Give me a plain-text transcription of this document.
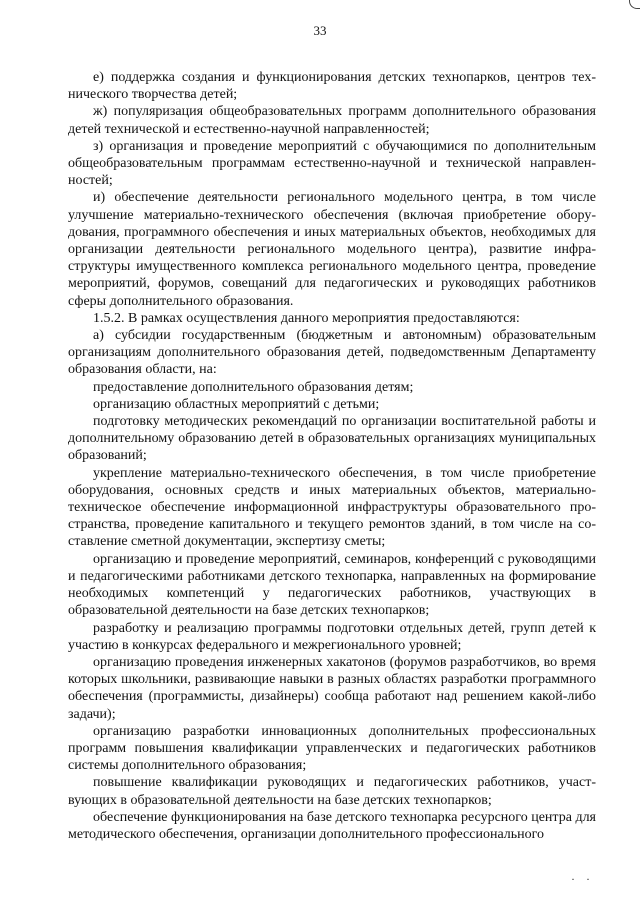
33

е) поддержка создания и функционирования детских технопарков, центров технического творчества детей;

ж) популяризация общеобразовательных программ дополнительного образования детей технической и естественно-научной направленностей;

з) организация и проведение мероприятий с обучающимися по дополнительным общеобразовательным программам естественно-научной и технической направленностей;

и) обеспечение деятельности регионального модельного центра, в том числе улучшение материально-технического обеспечения (включая приобретение оборудования, программного обеспечения и иных материальных объектов, необходимых для организации деятельности регионального модельного центра), развитие инфраструктуры имущественного комплекса регионального модельного центра, проведение мероприятий, форумов, совещаний для педагогических и руководящих работников сферы дополнительного образования.

1.5.2. В рамках осуществления данного мероприятия предоставляются:

а) субсидии государственным (бюджетным и автономным) образовательным организациям дополнительного образования детей, подведомственным Департаменту образования области, на:

предоставление дополнительного образования детям;

организацию областных мероприятий с детьми;

подготовку методических рекомендаций по организации воспитательной работы и дополнительному образованию детей в образовательных организациях муниципальных образований;

укрепление материально-технического обеспечения, в том числе приобретение оборудования, основных средств и иных материальных объектов, материально-техническое обеспечение информационной инфраструктуры образовательного пространства, проведение капитального и текущего ремонтов зданий, в том числе на составление сметной документации, экспертизу сметы;

организацию и проведение мероприятий, семинаров, конференций с руководящими и педагогическими работниками детского технопарка, направленных на формирование необходимых компетенций у педагогических работников, участвующих в образовательной деятельности на базе детских технопарков;

разработку и реализацию программы подготовки отдельных детей, групп детей к участию в конкурсах федерального и межрегионального уровней;

организацию проведения инженерных хакатонов (форумов разработчиков, во время которых школьники, развивающие навыки в разных областях разработки программного обеспечения (программисты, дизайнеры) сообща работают над решением какой-либо задачи);

организацию разработки инновационных дополнительных профессиональных программ повышения квалификации управленческих и педагогических работников системы дополнительного образования;

повышение квалификации руководящих и педагогических работников, участвующих в образовательной деятельности на базе детских технопарков;

обеспечение функционирования на базе детского технопарка ресурсного центра для методического обеспечения, организации дополнительного профессионального

· ·
